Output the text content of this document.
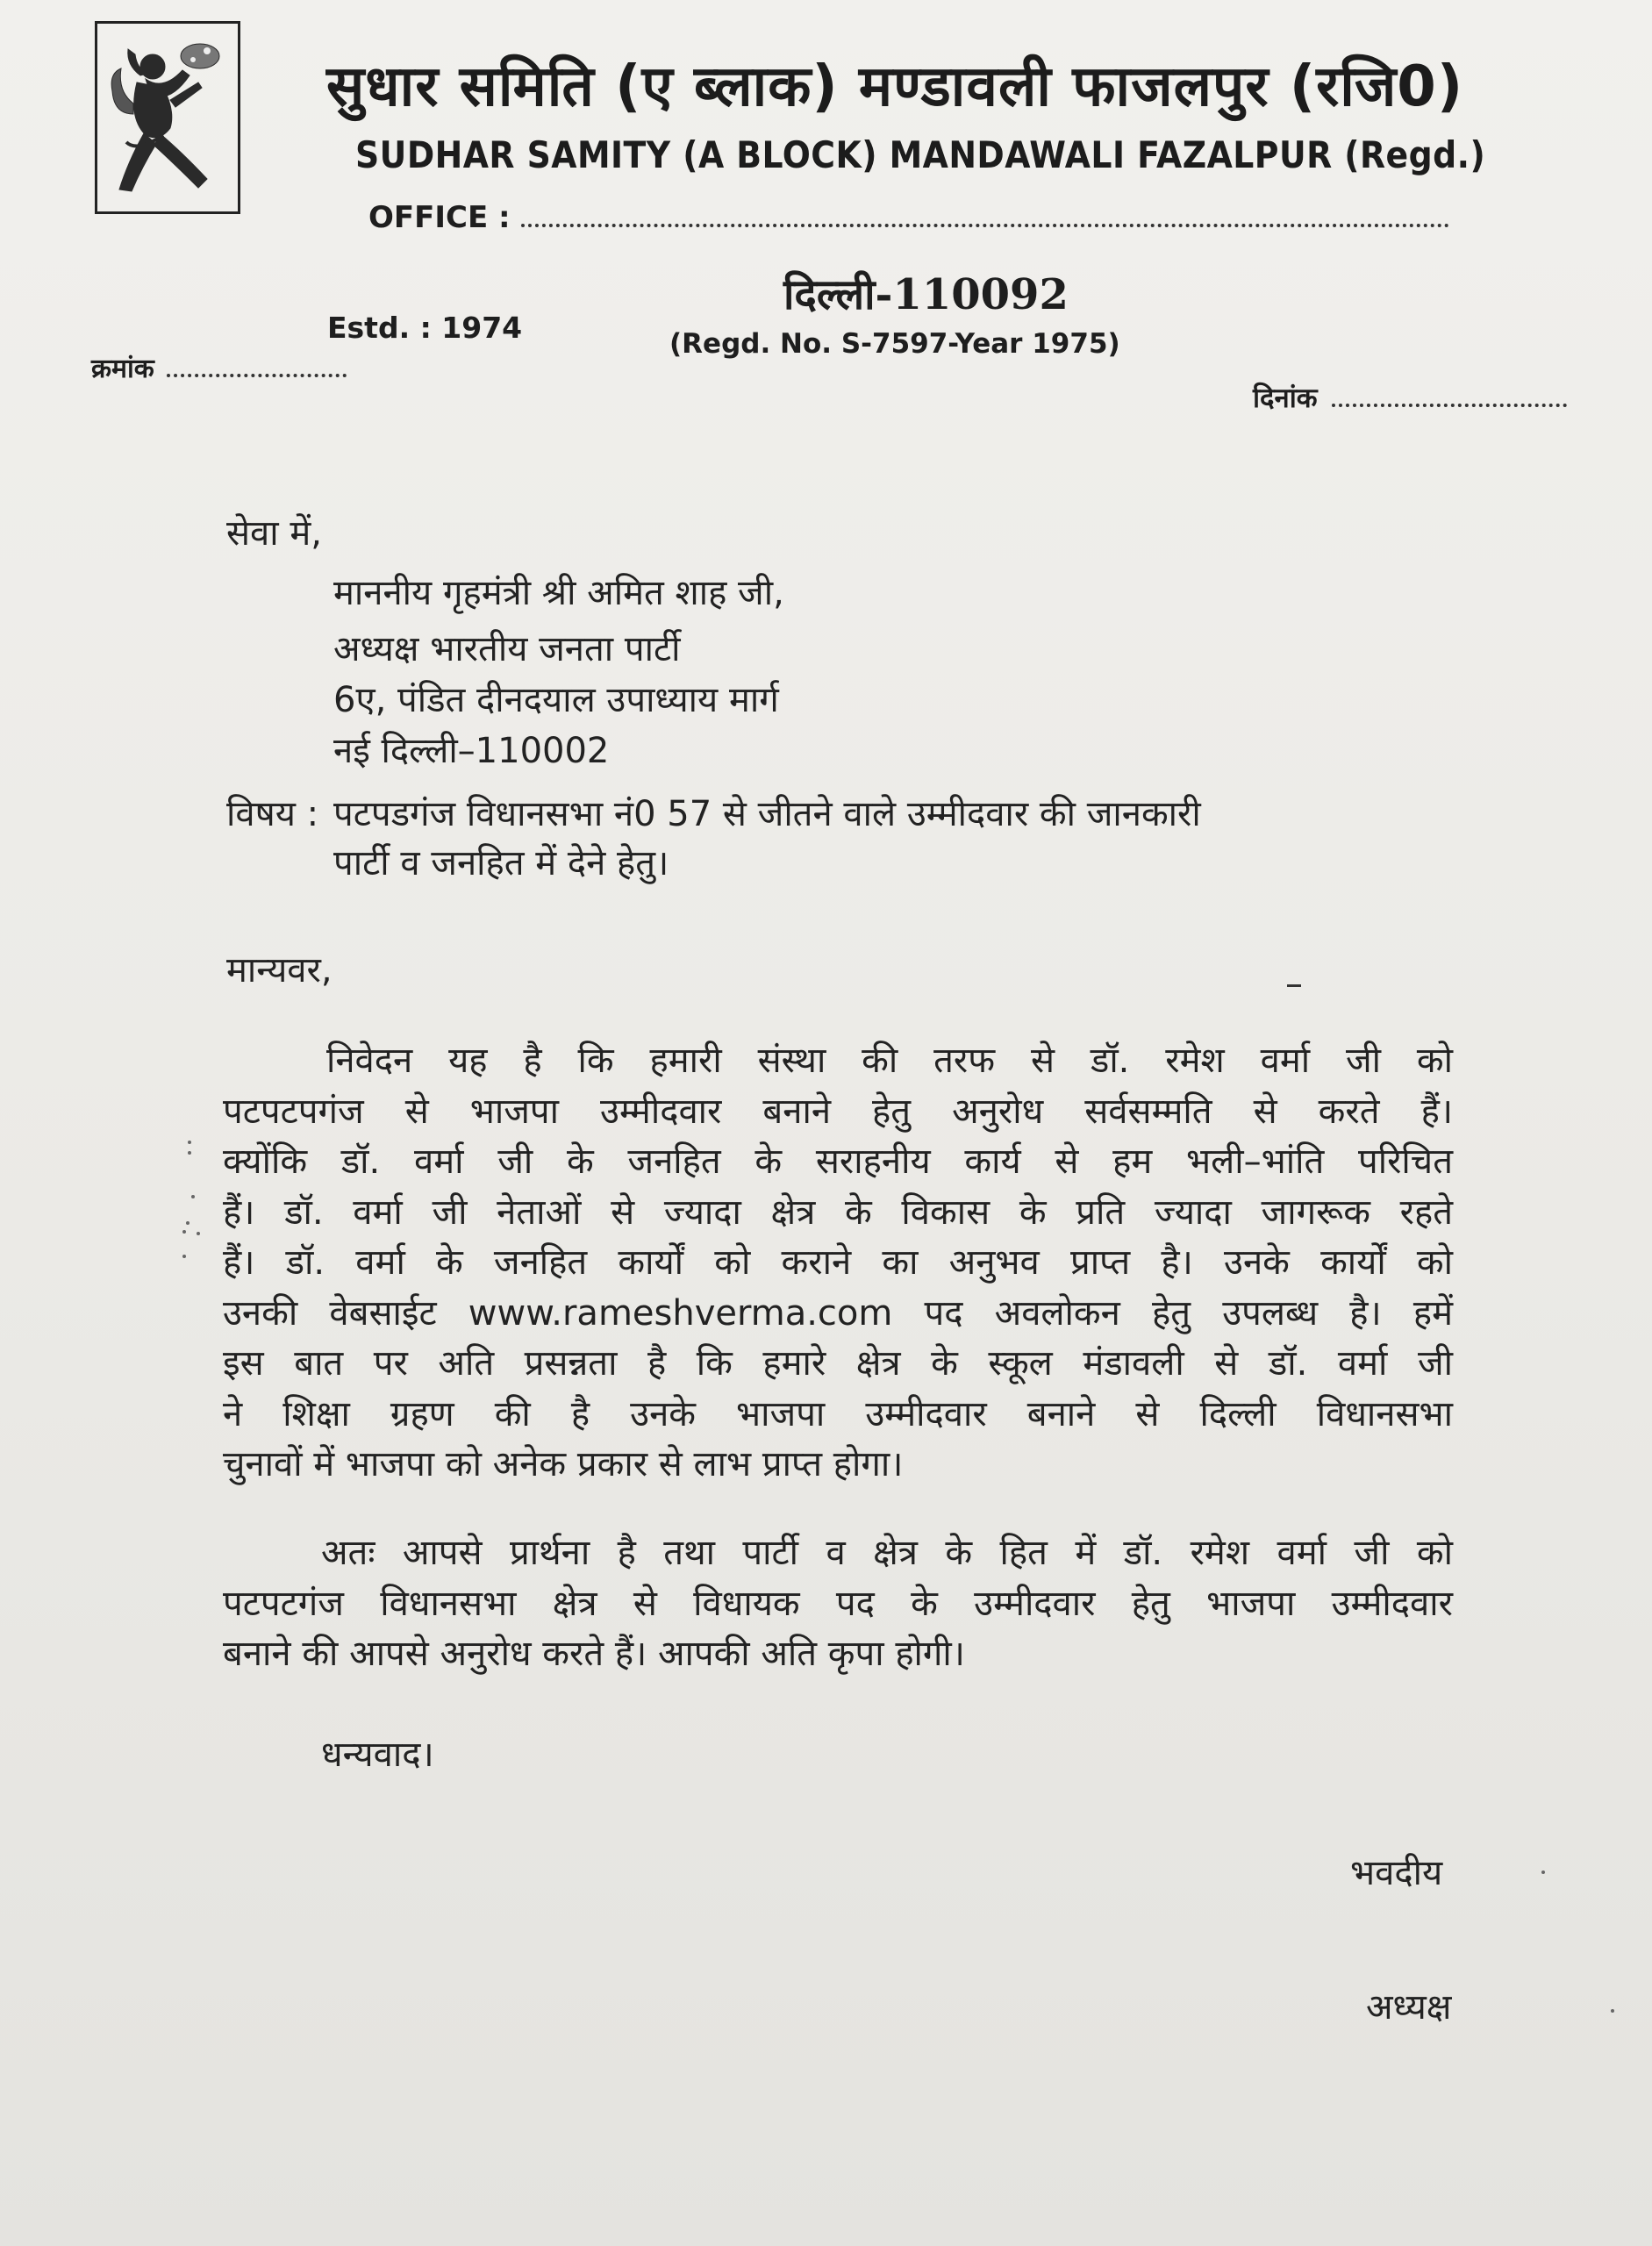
सुधार समिति (ए ब्लाक) मण्डावली फाजलपुर (रजि0)
SUDHAR SAMITY (A BLOCK) MANDAWALI FAZALPUR (Regd.)
OFFICE :
दिल्ली-110092
Estd. : 1974	(Regd. No. S-7597-Year 1975)
क्रमांक
दिनांक
सेवा में,
माननीय गृहमंत्री श्री अमित शाह जी,
अध्यक्ष भारतीय जनता पार्टी
6ए, पंडित दीनदयाल उपाध्याय मार्ग
नई दिल्ली–110002
विषय : पटपडगंज विधानसभा नं0 57 से जीतने वाले उम्मीदवार की जानकारी
पार्टी व जनहित में देने हेतु।
मान्यवर,
निवेदन यह है कि हमारी संस्था की तरफ से डॉ. रमेश वर्मा जी को
पटपटपगंज से भाजपा उम्मीदवार बनाने हेतु अनुरोध सर्वसम्मति से करते हैं।
क्योंकि डॉ. वर्मा जी के जनहित के सराहनीय कार्य से हम भली–भांति परिचित
हैं। डॉ. वर्मा जी नेताओं से ज्यादा क्षेत्र के विकास के प्रति ज्यादा जागरूक रहते
हैं। डॉ. वर्मा के जनहित कार्यों को कराने का अनुभव प्राप्त है। उनके कार्यों को
उनकी वेबसाईट www.rameshverma.com पद अवलोकन हेतु उपलब्ध है। हमें
इस बात पर अति प्रसन्नता है कि हमारे क्षेत्र के स्कूल मंडावली से डॉ. वर्मा जी
ने शिक्षा ग्रहण की है उनके भाजपा उम्मीदवार बनाने से दिल्ली विधानसभा
चुनावों में भाजपा को अनेक प्रकार से लाभ प्राप्त होगा।
अतः आपसे प्रार्थना है तथा पार्टी व क्षेत्र के हित में डॉ. रमेश वर्मा जी को
पटपटगंज विधानसभा क्षेत्र से विधायक पद के उम्मीदवार हेतु भाजपा उम्मीदवार
बनाने की आपसे अनुरोध करते हैं। आपकी अति कृपा होगी।
धन्यवाद।
भवदीय
अध्यक्ष
